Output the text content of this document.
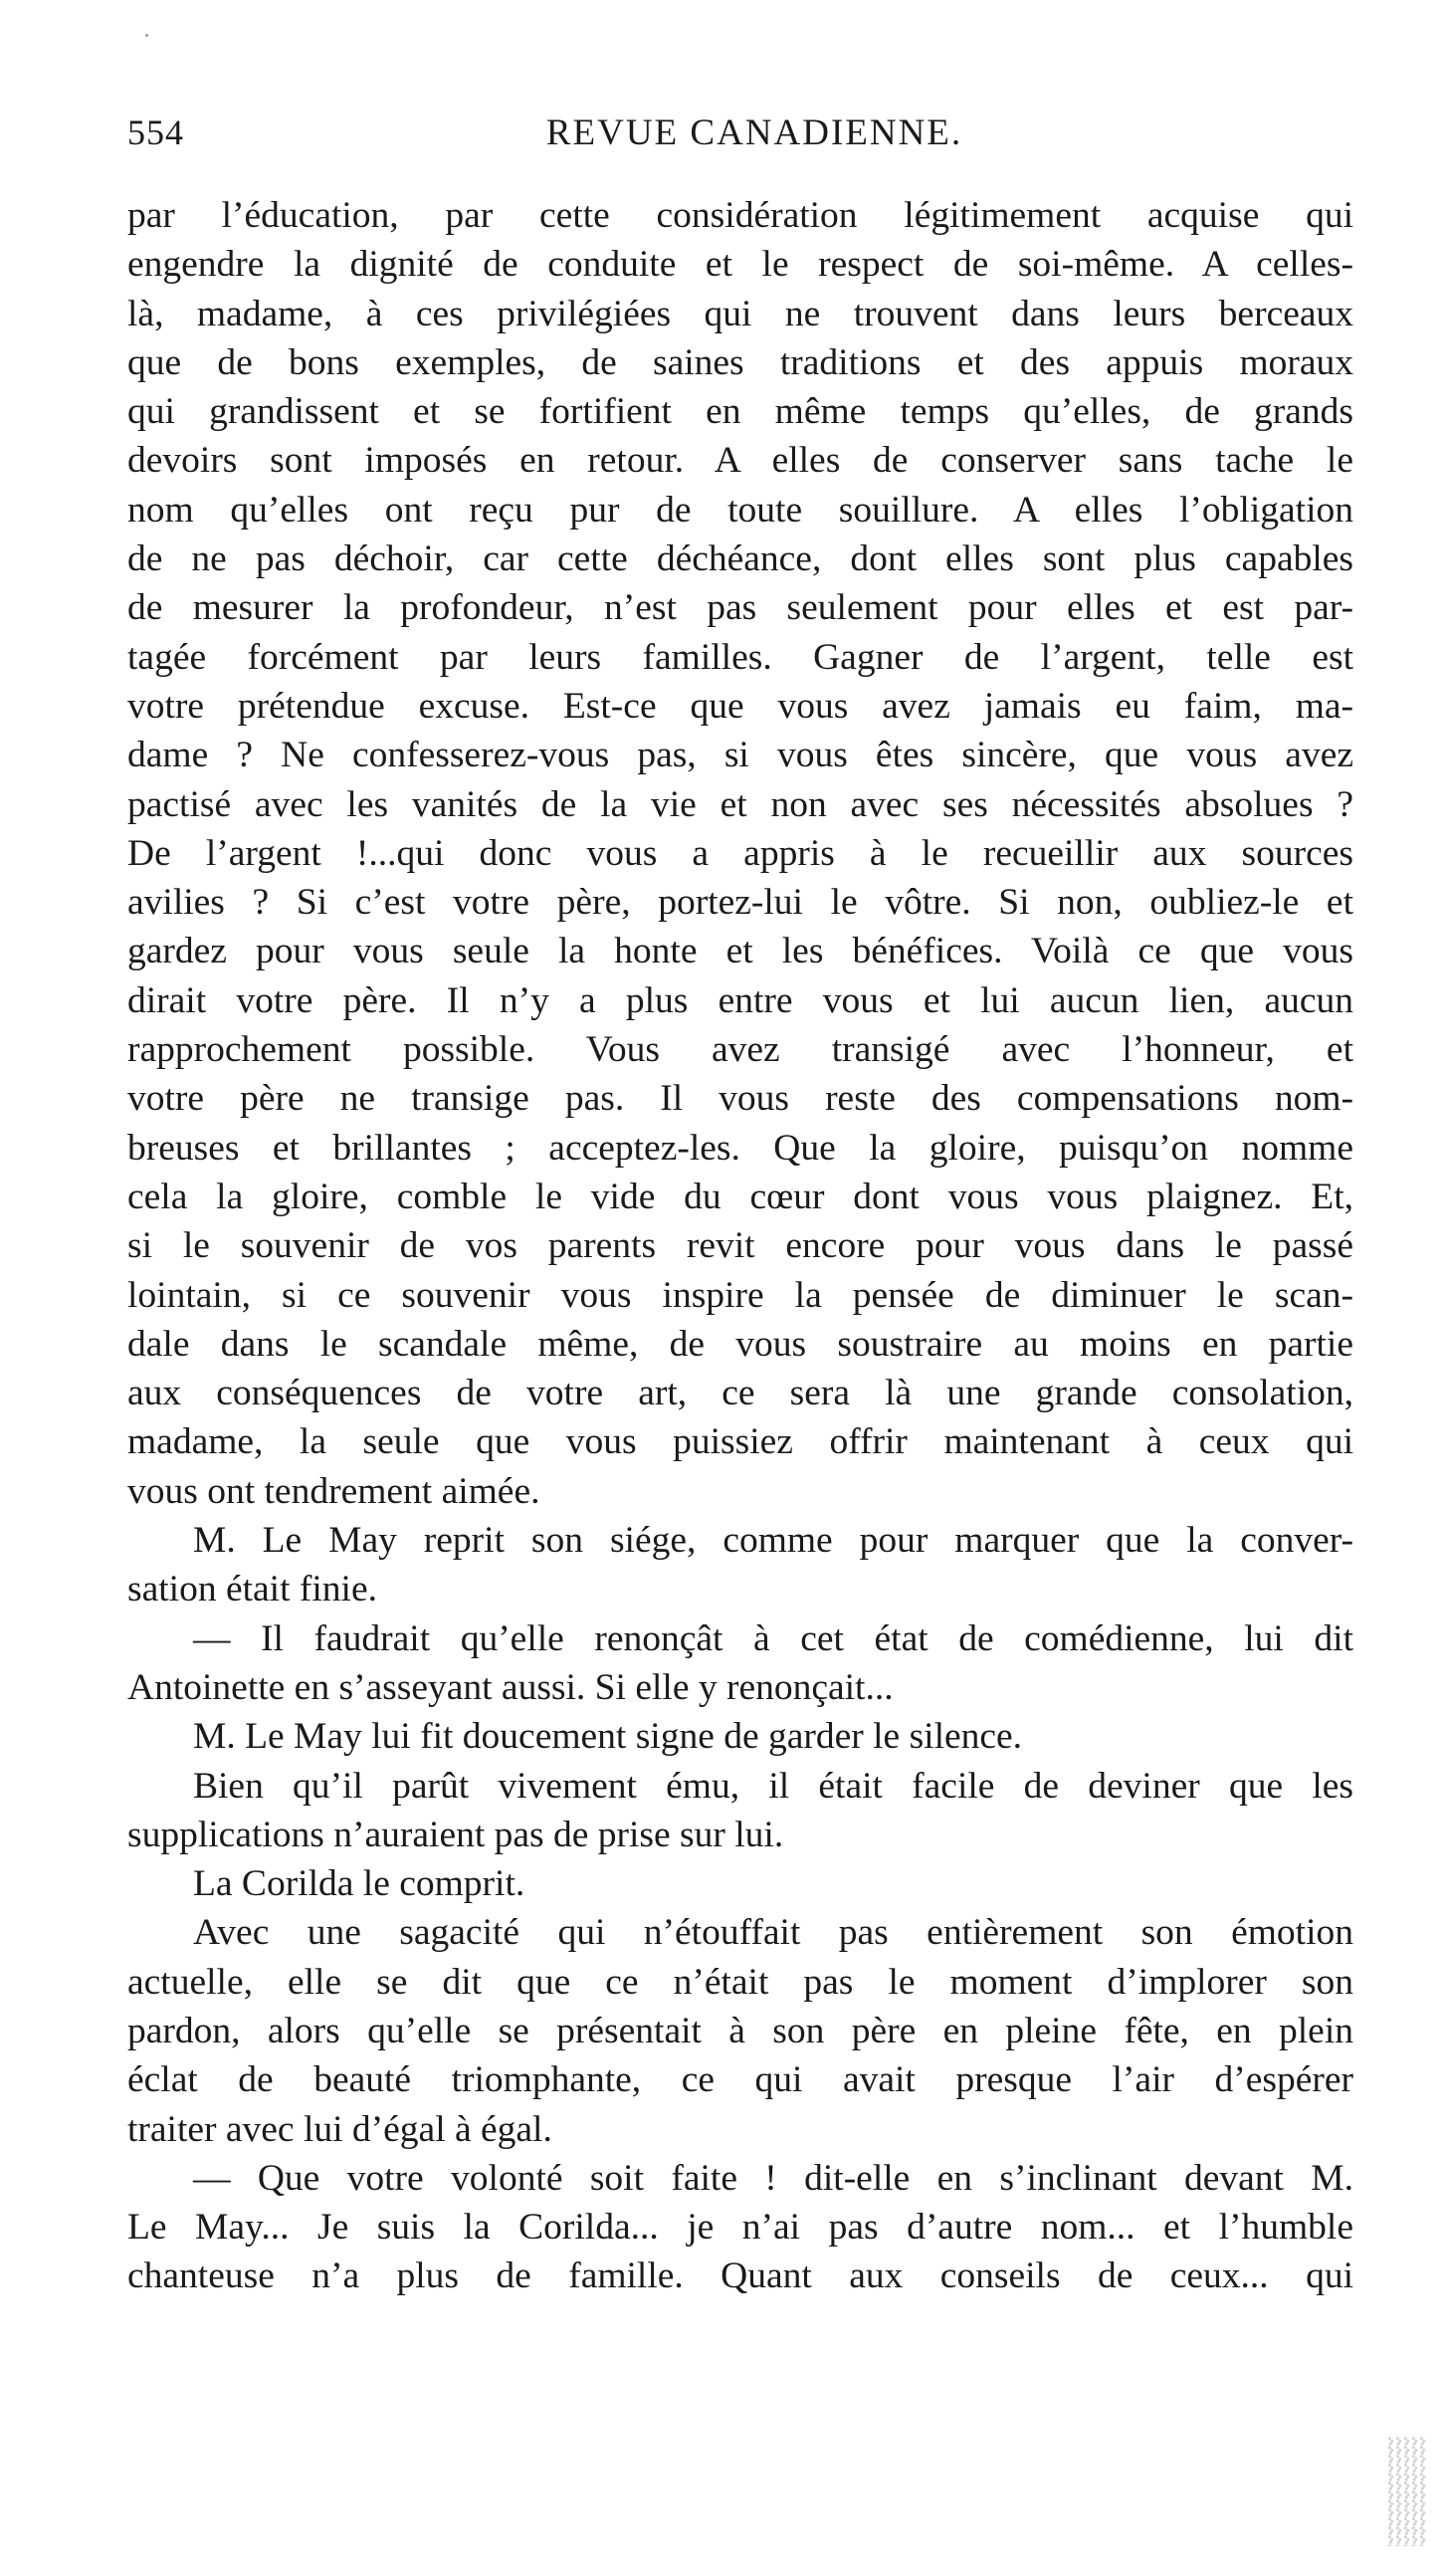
554	REVUE CANADIENNE.
par l’éducation, par cette considération légitimement acquise qui
engendre la dignité de conduite et le respect de soi-même. A celles-
là, madame, à ces privilégiées qui ne trouvent dans leurs berceaux
que de bons exemples, de saines traditions et des appuis moraux
qui grandissent et se fortifient en même temps qu’elles, de grands
devoirs sont imposés en retour. A elles de conserver sans tache le
nom qu’elles ont reçu pur de toute souillure. A elles l’obligation
de ne pas déchoir, car cette déchéance, dont elles sont plus capables
de mesurer la profondeur, n’est pas seulement pour elles et est par-
tagée forcément par leurs familles. Gagner de l’argent, telle est
votre prétendue excuse. Est-ce que vous avez jamais eu faim, ma-
dame ? Ne confesserez-vous pas, si vous êtes sincère, que vous avez
pactisé avec les vanités de la vie et non avec ses nécessités absolues ?
De l’argent !...qui donc vous a appris à le recueillir aux sources
avilies ? Si c’est votre père, portez-lui le vôtre. Si non, oubliez-le et
gardez pour vous seule la honte et les bénéfices. Voilà ce que vous
dirait votre père. Il n’y a plus entre vous et lui aucun lien, aucun
rapprochement possible. Vous avez transigé avec l’honneur, et
votre père ne transige pas. Il vous reste des compensations nom-
breuses et brillantes ; acceptez-les. Que la gloire, puisqu’on nomme
cela la gloire, comble le vide du cœur dont vous vous plaignez. Et,
si le souvenir de vos parents revit encore pour vous dans le passé
lointain, si ce souvenir vous inspire la pensée de diminuer le scan-
dale dans le scandale même, de vous soustraire au moins en partie
aux conséquences de votre art, ce sera là une grande consolation,
madame, la seule que vous puissiez offrir maintenant à ceux qui
vous ont tendrement aimée.
M. Le May reprit son siége, comme pour marquer que la conver-
sation était finie.
— Il faudrait qu’elle renonçât à cet état de comédienne, lui dit
Antoinette en s’asseyant aussi. Si elle y renonçait...
M. Le May lui fit doucement signe de garder le silence.
Bien qu’il parût vivement ému, il était facile de deviner que les
supplications n’auraient pas de prise sur lui.
La Corilda le comprit.
Avec une sagacité qui n’étouffait pas entièrement son émotion
actuelle, elle se dit que ce n’était pas le moment d’implorer son
pardon, alors qu’elle se présentait à son père en pleine fête, en plein
éclat de beauté triomphante, ce qui avait presque l’air d’espérer
traiter avec lui d’égal à égal.
— Que votre volonté soit faite ! dit-elle en s’inclinant devant M.
Le May... Je suis la Corilda... je n’ai pas d’autre nom... et l’humble
chanteuse n’a plus de famille. Quant aux conseils de ceux... qui
